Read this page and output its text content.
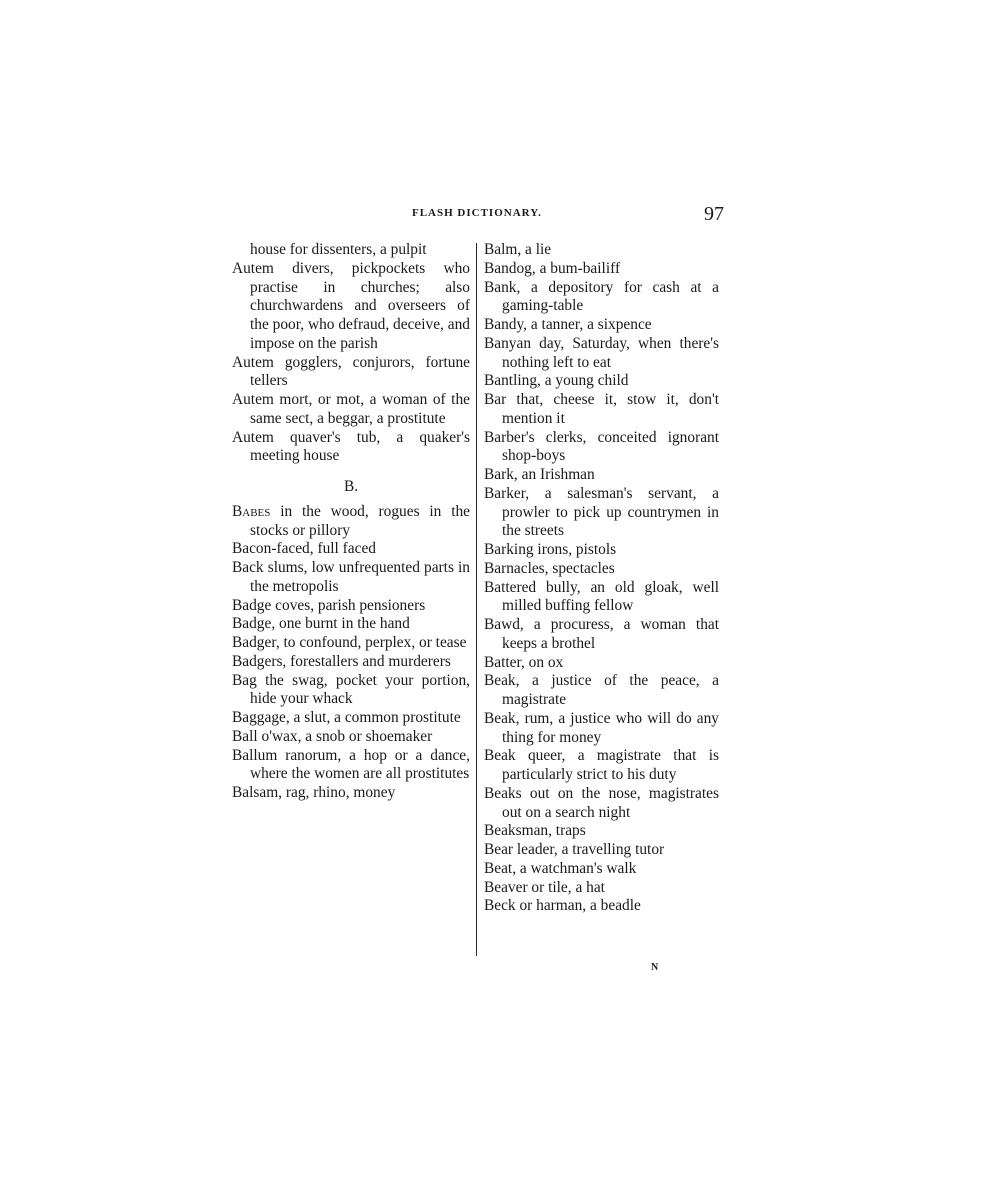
FLASH DICTIONARY.	97
house for dissenters, a pulpit
Autem divers, pickpockets who practise in churches; also churchwardens and overseers of the poor, who defraud, deceive, and impose on the parish
Autem gogglers, conjurors, fortune tellers
Autem mort, or mot, a woman of the same sect, a beggar, a prostitute
Autem quaver's tub, a quaker's meeting house
B.
Babes in the wood, rogues in the stocks or pillory
Bacon-faced, full faced
Back slums, low unfrequented parts in the metropolis
Badge coves, parish pensioners
Badge, one burnt in the hand
Badger, to confound, perplex, or tease
Badgers, forestallers and murderers
Bag the swag, pocket your portion, hide your whack
Baggage, a slut, a common prostitute
Ball o'wax, a snob or shoemaker
Ballum ranorum, a hop or a dance, where the women are all prostitutes
Balsam, rag, rhino, money
Balm, a lie
Bandog, a bum-bailiff
Bank, a depository for cash at a gaming-table
Bandy, a tanner, a sixpence
Banyan day, Saturday, when there's nothing left to eat
Bantling, a young child
Bar that, cheese it, stow it, don't mention it
Barber's clerks, conceited ignorant shop-boys
Bark, an Irishman
Barker, a salesman's servant, a prowler to pick up countrymen in the streets
Barking irons, pistols
Barnacles, spectacles
Battered bully, an old gloak, well milled buffing fellow
Bawd, a procuress, a woman that keeps a brothel
Batter, on ox
Beak, a justice of the peace, a magistrate
Beak, rum, a justice who will do any thing for money
Beak queer, a magistrate that is particularly strict to his duty
Beaks out on the nose, magistrates out on a search night
Beaksman, traps
Bear leader, a travelling tutor
Beat, a watchman's walk
Beaver or tile, a hat
Beck or harman, a beadle
N
